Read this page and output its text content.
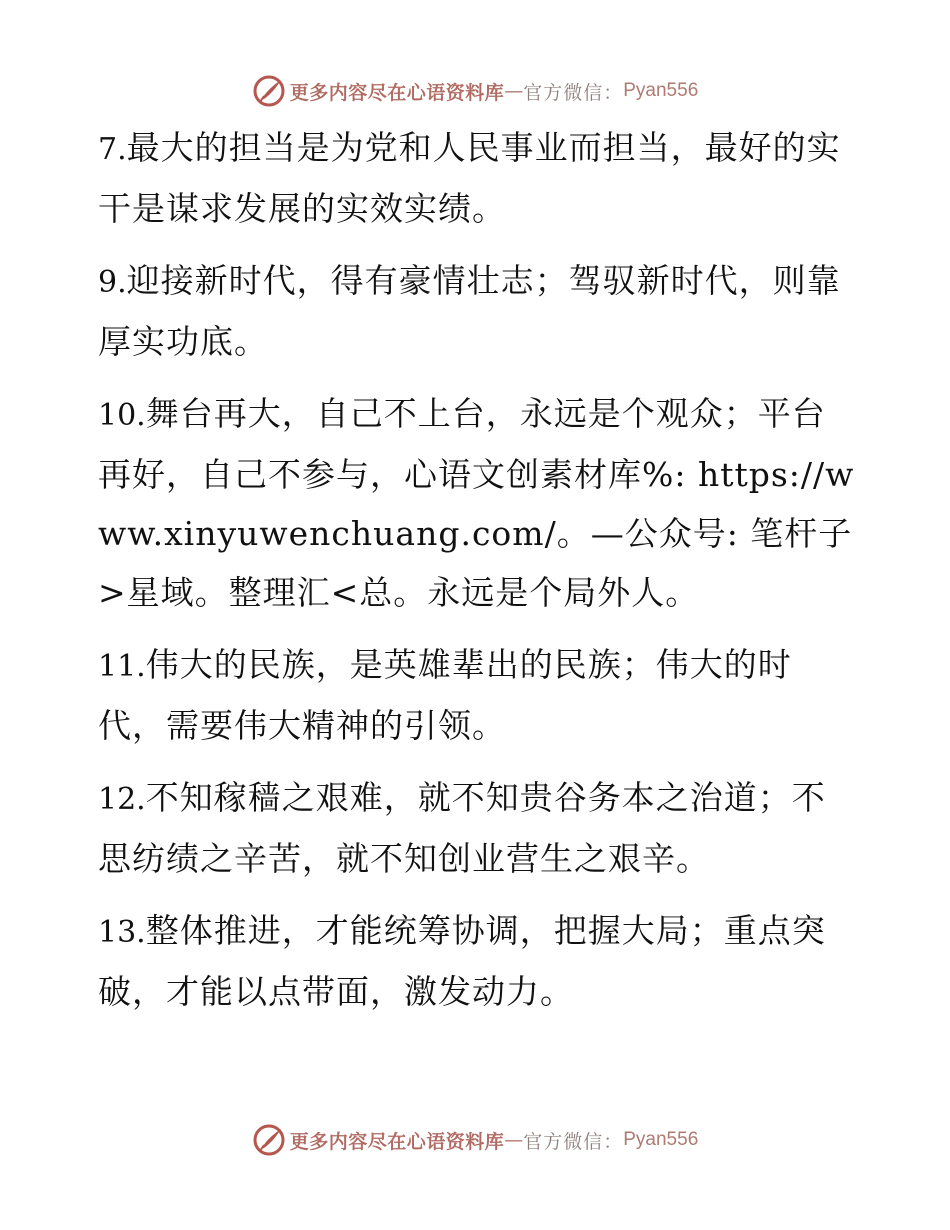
更多内容尽在心语资料库 — 官方微信： Pyan556

7.最大的担当是为党和人民事业而担当，最好的实干是谋求发展的实效实绩。

9.迎接新时代，得有豪情壮志；驾驭新时代，则靠厚实功底。

10.舞台再大，自己不上台，永远是个观众；平台再好，自己不参与，心语文创素材库%: https://www.xinyuwenchuang.com/。—公众号: 笔杆子>星域。整理汇<总。永远是个局外人。

11.伟大的民族，是英雄辈出的民族；伟大的时代，需要伟大精神的引领。

12.不知稼穑之艰难，就不知贵谷务本之治道；不思纺绩之辛苦，就不知创业营生之艰辛。

13.整体推进，才能统筹协调，把握大局；重点突破，才能以点带面，激发动力。

更多内容尽在心语资料库 — 官方微信： Pyan556
